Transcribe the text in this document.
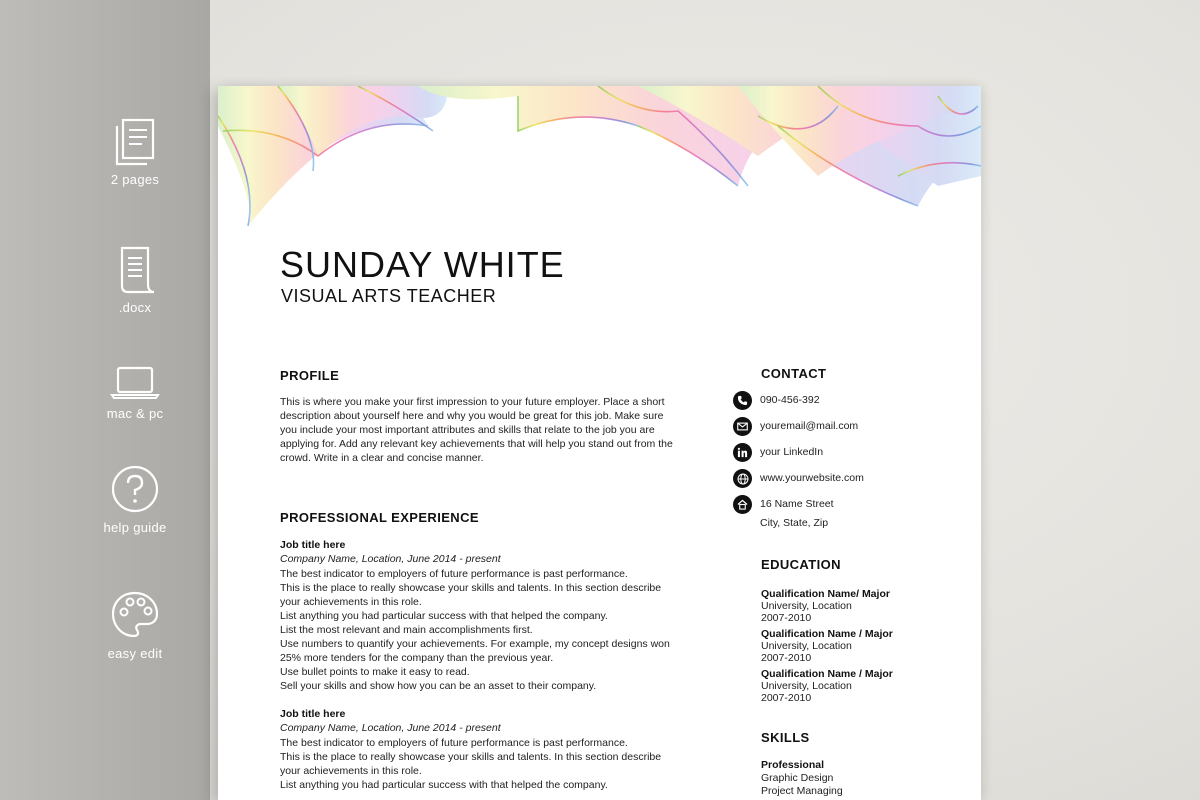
2 pages
.docx
mac & pc
help guide
easy edit
SUNDAY WHITE
VISUAL ARTS TEACHER
PROFILE
This is where you make your first impression to your future employer. Place a short description about yourself here and why you would be great for this job. Make sure you include your most important attributes and skills that relate to the job you are applying for. Add any relevant key achievements that will help you stand out from the crowd. Write in a clear and concise manner.
PROFESSIONAL EXPERIENCE
Job title here
Company Name, Location, June 2014 - present
The best indicator to employers of future performance is past performance.
This is the place to really showcase your skills and talents. In this section describe your achievements in this role.
List anything you had particular success with that helped the company.
List the most relevant and main accomplishments first.
Use numbers to quantify your achievements. For example, my concept designs won 25% more tenders for the company than the previous year.
Use bullet points to make it easy to read.
Sell your skills and show how you can be an asset to their company.
Job title here
Company Name, Location, June 2014 - present
The best indicator to employers of future performance is past performance.
This is the place to really showcase your skills and talents. In this section describe your achievements in this role.
List anything you had particular success with that helped the company.
CONTACT
090-456-392
youremail@mail.com
your LinkedIn
www.yourwebsite.com
16 Name Street
City, State, Zip
EDUCATION
Qualification Name/ Major
University, Location
2007-2010
Qualification Name / Major
University, Location
2007-2010
Qualification Name / Major
University, Location
2007-2010
SKILLS
Professional
Graphic Design
Project Managing
